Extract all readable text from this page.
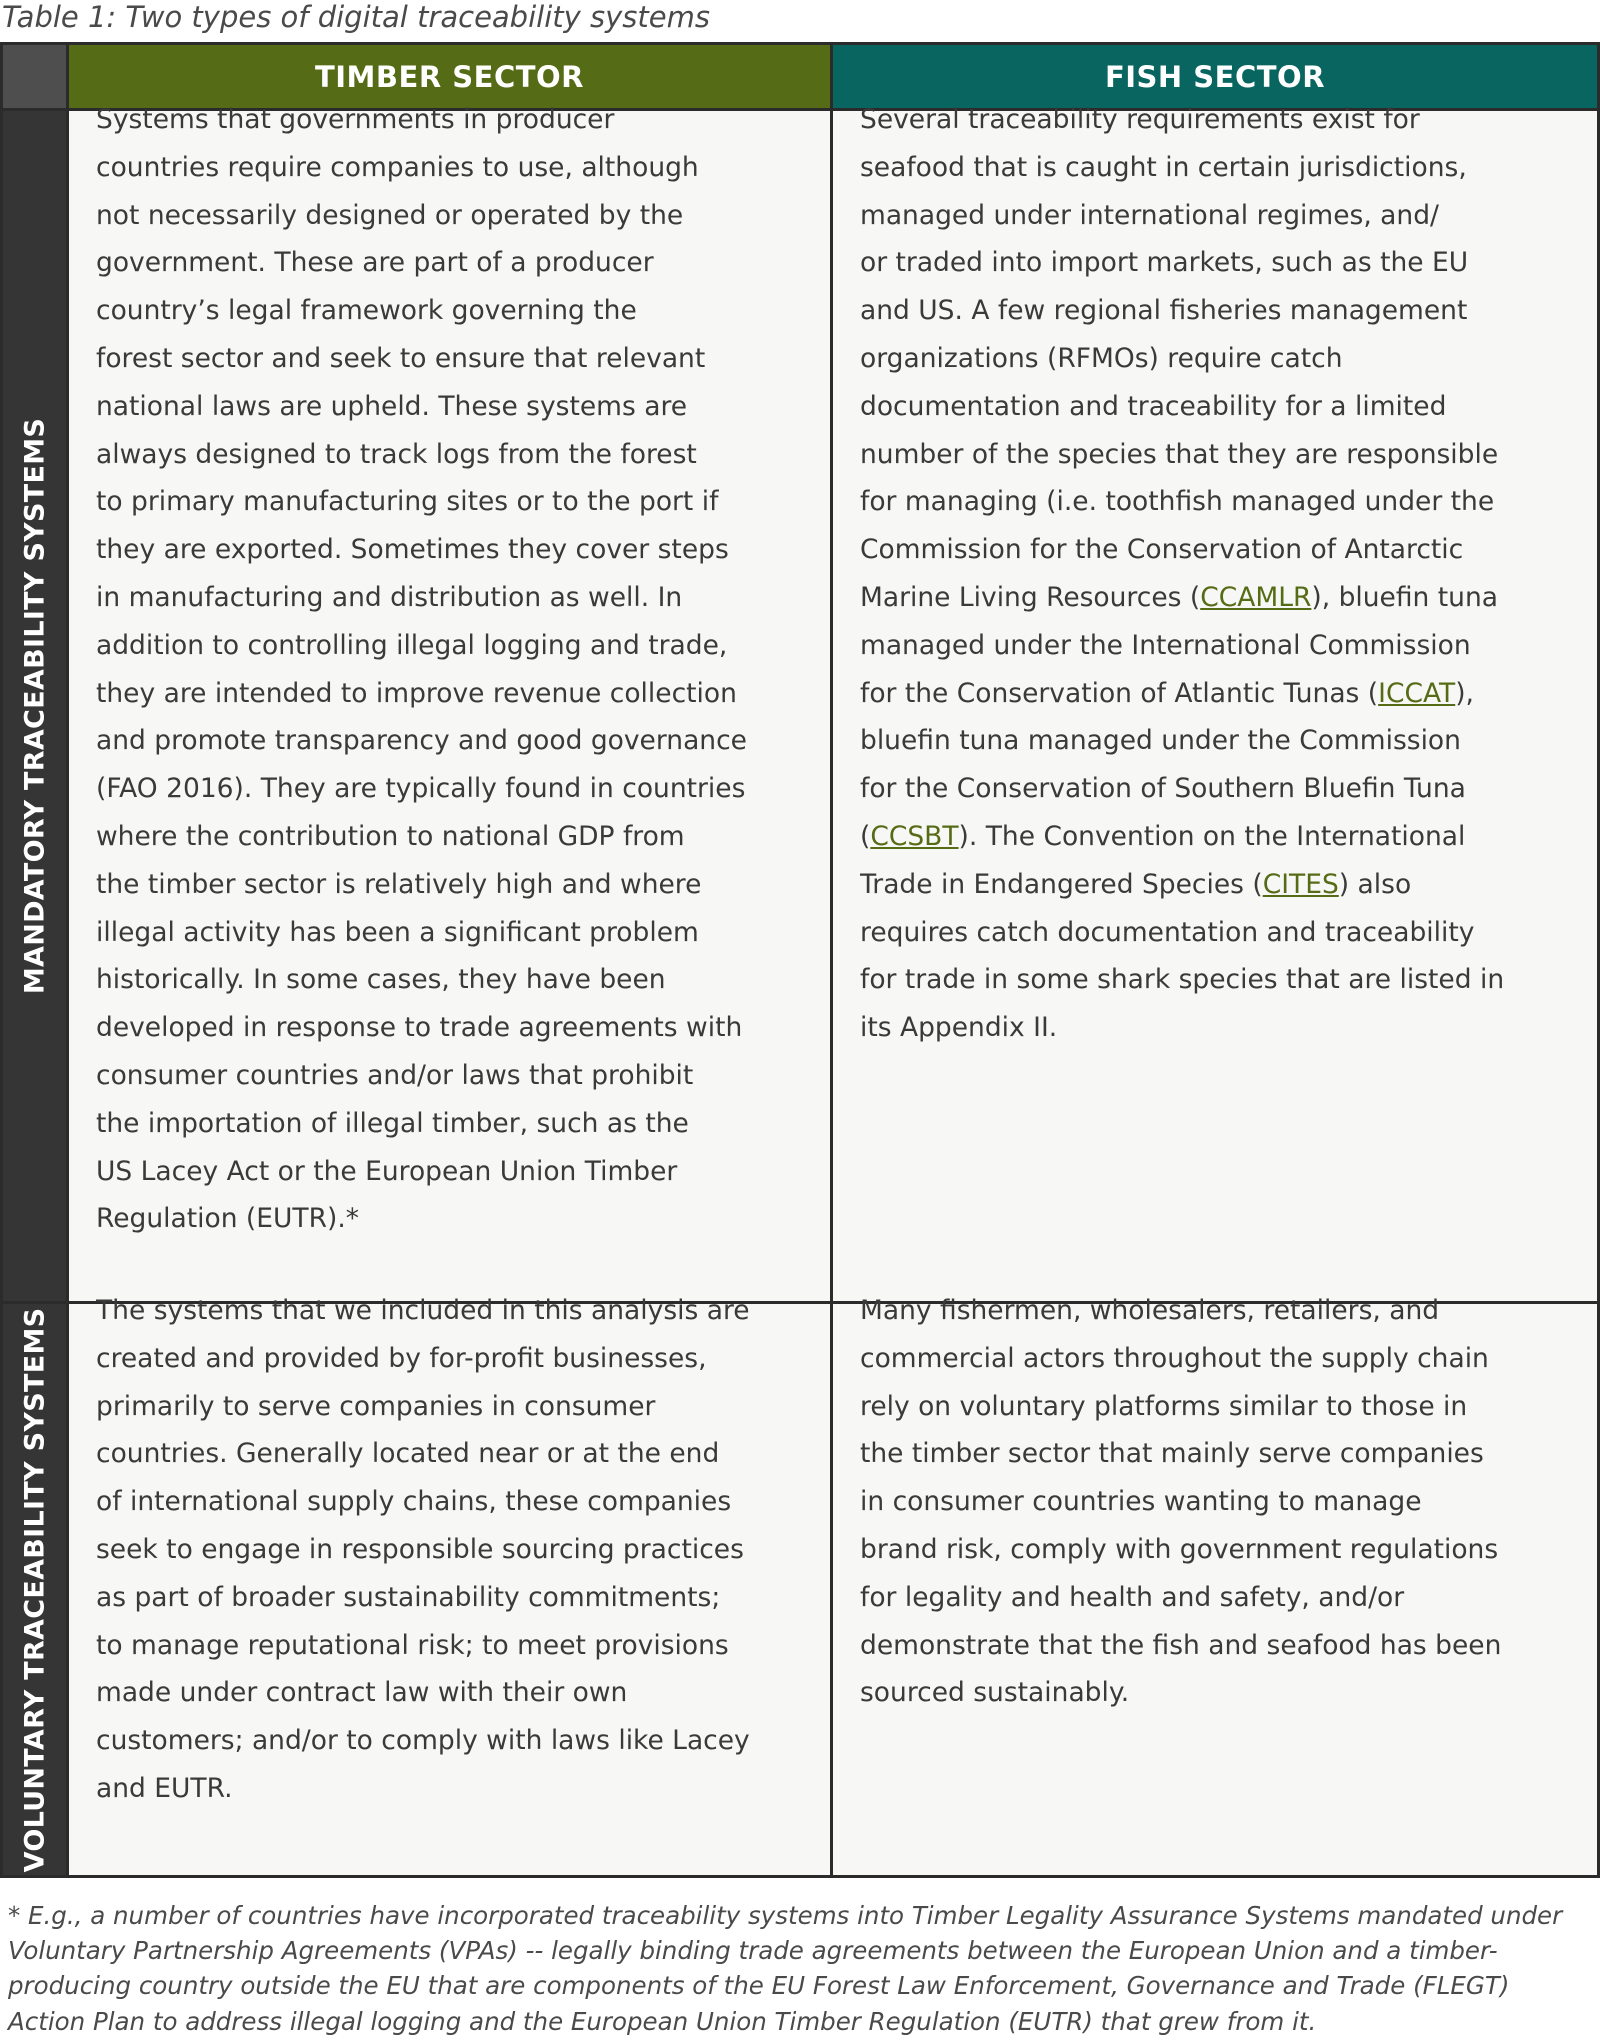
Table 1: Two types of digital traceability systems
TIMBER SECTOR	FISH SECTOR
MANDATORY TRACEABILITY SYSTEMS
VOLUNTARY TRACEABILITY SYSTEMS
Systems that governments in producer
countries require companies to use, although
not necessarily designed or operated by the
government. These are part of a producer
country’s legal framework governing the
forest sector and seek to ensure that relevant
national laws are upheld. These systems are
always designed to track logs from the forest
to primary manufacturing sites or to the port if
they are exported. Sometimes they cover steps
in manufacturing and distribution as well. In
addition to controlling illegal logging and trade,
they are intended to improve revenue collection
and promote transparency and good governance
(FAO 2016). They are typically found in countries
where the contribution to national GDP from
the timber sector is relatively high and where
illegal activity has been a significant problem
historically. In some cases, they have been
developed in response to trade agreements with
consumer countries and/or laws that prohibit
the importation of illegal timber, such as the
US Lacey Act or the European Union Timber
Regulation (EUTR).*
Several traceability requirements exist for
seafood that is caught in certain jurisdictions,
managed under international regimes, and/
or traded into import markets, such as the EU
and US. A few regional fisheries management
organizations (RFMOs) require catch
documentation and traceability for a limited
number of the species that they are responsible
for managing (i.e. toothfish managed under the
Commission for the Conservation of Antarctic
Marine Living Resources (CCAMLR), bluefin tuna
managed under the International Commission
for the Conservation of Atlantic Tunas (ICCAT),
bluefin tuna managed under the Commission
for the Conservation of Southern Bluefin Tuna
(CCSBT). The Convention on the International
Trade in Endangered Species (CITES) also
requires catch documentation and traceability
for trade in some shark species that are listed in
its Appendix II.
The systems that we included in this analysis are
created and provided by for-profit businesses,
primarily to serve companies in consumer
countries. Generally located near or at the end
of international supply chains, these companies
seek to engage in responsible sourcing practices
as part of broader sustainability commitments;
to manage reputational risk; to meet provisions
made under contract law with their own
customers; and/or to comply with laws like Lacey
and EUTR.
Many fishermen, wholesalers, retailers, and
commercial actors throughout the supply chain
rely on voluntary platforms similar to those in
the timber sector that mainly serve companies
in consumer countries wanting to manage
brand risk, comply with government regulations
for legality and health and safety, and/or
demonstrate that the fish and seafood has been
sourced sustainably.
* E.g., a number of countries have incorporated traceability systems into Timber Legality Assurance Systems mandated under Voluntary Partnership Agreements (VPAs) -- legally binding trade agreements between the European Union and a timber-producing country outside the EU that are components of the EU Forest Law Enforcement, Governance and Trade (FLEGT) Action Plan to address illegal logging and the European Union Timber Regulation (EUTR) that grew from it.
